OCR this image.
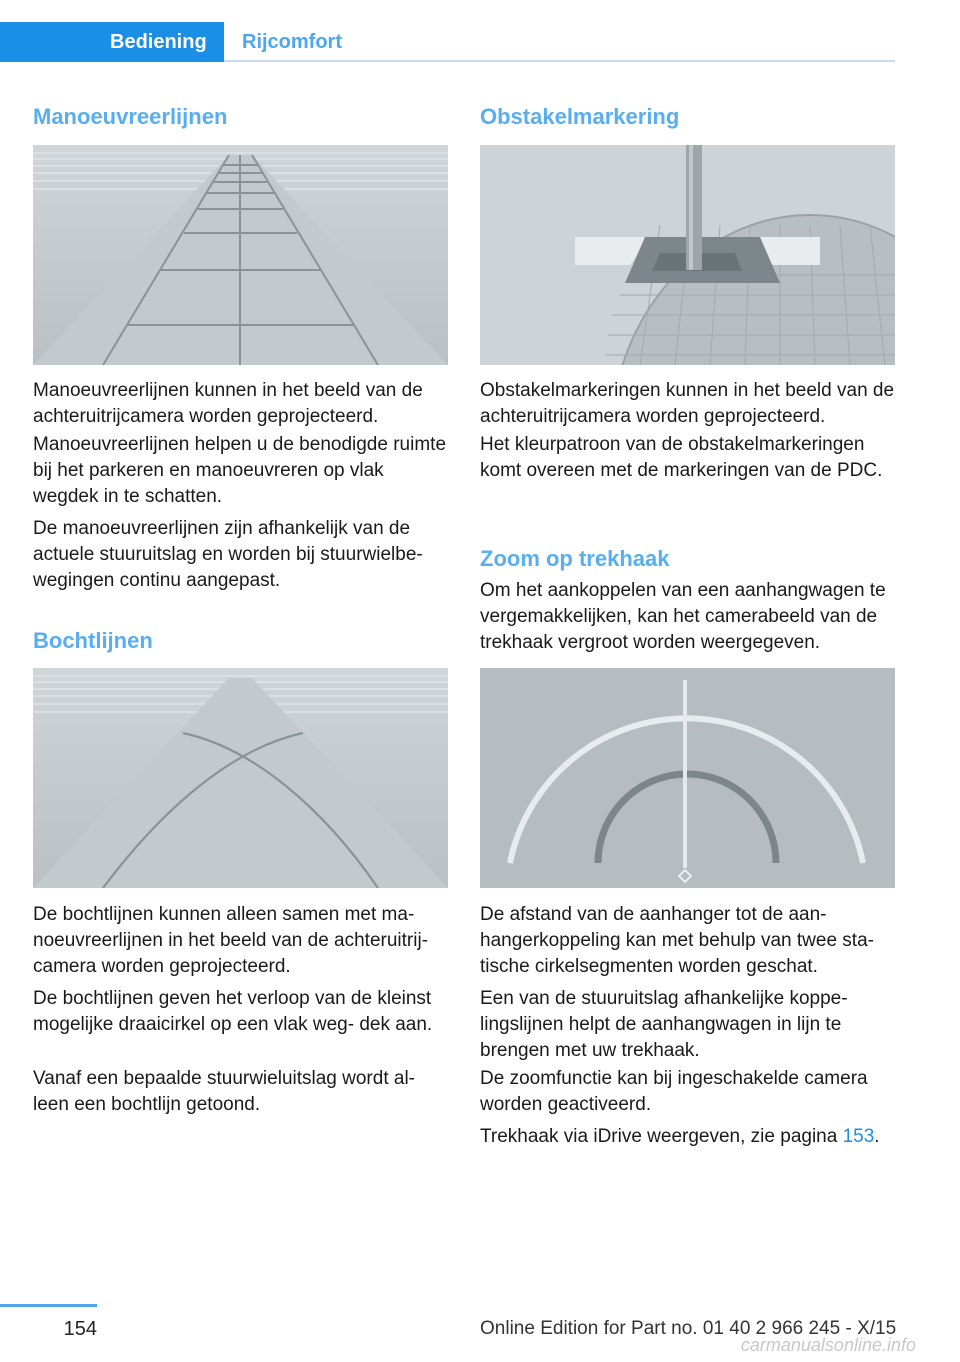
Bediening	Rijcomfort
Manoeuvreerlijnen
Manoeuvreerlijnen kunnen in het beeld van de achteruitrijcamera worden geprojecteerd.
Manoeuvreerlijnen helpen u de benodigde ruimte bij het parkeren en manoeuvreren op vlak wegdek in te schatten.
De manoeuvreerlijnen zijn afhankelijk van de actuele stuuruitslag en worden bij stuurwielbe- wegingen continu aangepast.
Bochtlijnen
De bochtlijnen kunnen alleen samen met ma- noeuvreerlijnen in het beeld van de achteruitrij- camera worden geprojecteerd.
De bochtlijnen geven het verloop van de kleinst mogelijke draaicirkel op een vlak weg- dek aan.
Vanaf een bepaalde stuurwieluitslag wordt al- leen een bochtlijn getoond.
Obstakelmarkering
Obstakelmarkeringen kunnen in het beeld van de achteruitrijcamera worden geprojecteerd.
Het kleurpatroon van de obstakelmarkeringen komt overeen met de markeringen van de PDC.
Zoom op trekhaak
Om het aankoppelen van een aanhangwagen te vergemakkelijken, kan het camerabeeld van de trekhaak vergroot worden weergegeven.
De afstand van de aanhanger tot de aan- hangerkoppeling kan met behulp van twee sta- tische cirkelsegmenten worden geschat.
Een van de stuuruitslag afhankelijke koppe- lingslijnen helpt de aanhangwagen in lijn te brengen met uw trekhaak.
De zoomfunctie kan bij ingeschakelde camera worden geactiveerd.
Trekhaak via iDrive weergeven, zie pagina 153.
154	Online Edition for Part no. 01 40 2 966 245 - X/15
carmanualsonline.info
